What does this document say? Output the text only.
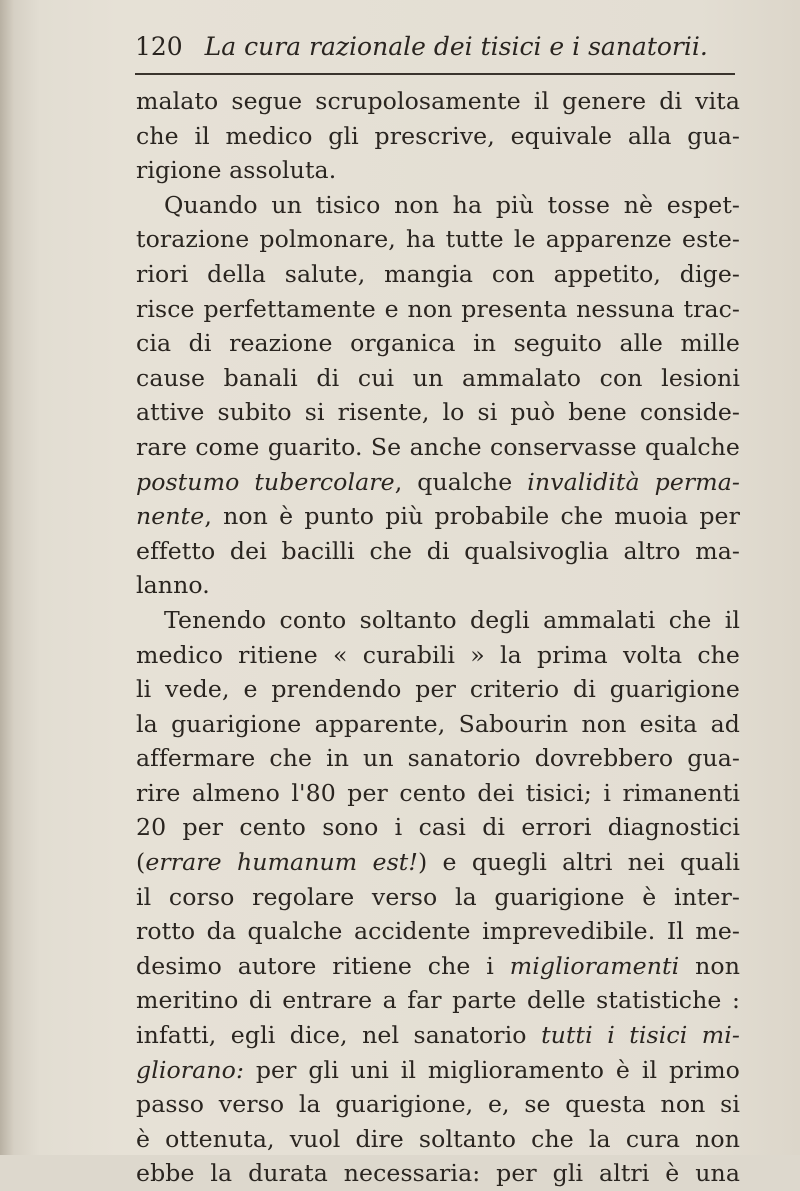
120 La cura razionale dei tisici e i sanatorii.
malato segue scrupolosamente il genere di vita
che il medico gli prescrive, equivale alla gua-
rigione assoluta.
Quando un tisico non ha più tosse nè espet-
torazione polmonare, ha tutte le apparenze este-
riori della salute, mangia con appetito, dige-
risce perfettamente e non presenta nessuna trac-
cia di reazione organica in seguito alle mille
cause banali di cui un ammalato con lesioni
attive subito si risente, lo si può bene conside-
rare come guarito. Se anche conservasse qualche
postumo tubercolare, qualche invalidità perma-
nente, non è punto più probabile che muoia per
effetto dei bacilli che di qualsivoglia altro ma-
lanno.
Tenendo conto soltanto degli ammalati che il
medico ritiene « curabili » la prima volta che
li vede, e prendendo per criterio di guarigione
la guarigione apparente, Sabourin non esita ad
affermare che in un sanatorio dovrebbero gua-
rire almeno l'80 per cento dei tisici; i rimanenti
20 per cento sono i casi di errori diagnostici
(errare humanum est!) e quegli altri nei quali
il corso regolare verso la guarigione è inter-
rotto da qualche accidente imprevedibile. Il me-
desimo autore ritiene che i miglioramenti non
meritino di entrare a far parte delle statistiche :
infatti, egli dice, nel sanatorio tutti i tisici mi-
gliorano: per gli uni il miglioramento è il primo
passo verso la guarigione, e, se questa non si
è ottenuta, vuol dire soltanto che la cura non
ebbe la durata necessaria: per gli altri è una
